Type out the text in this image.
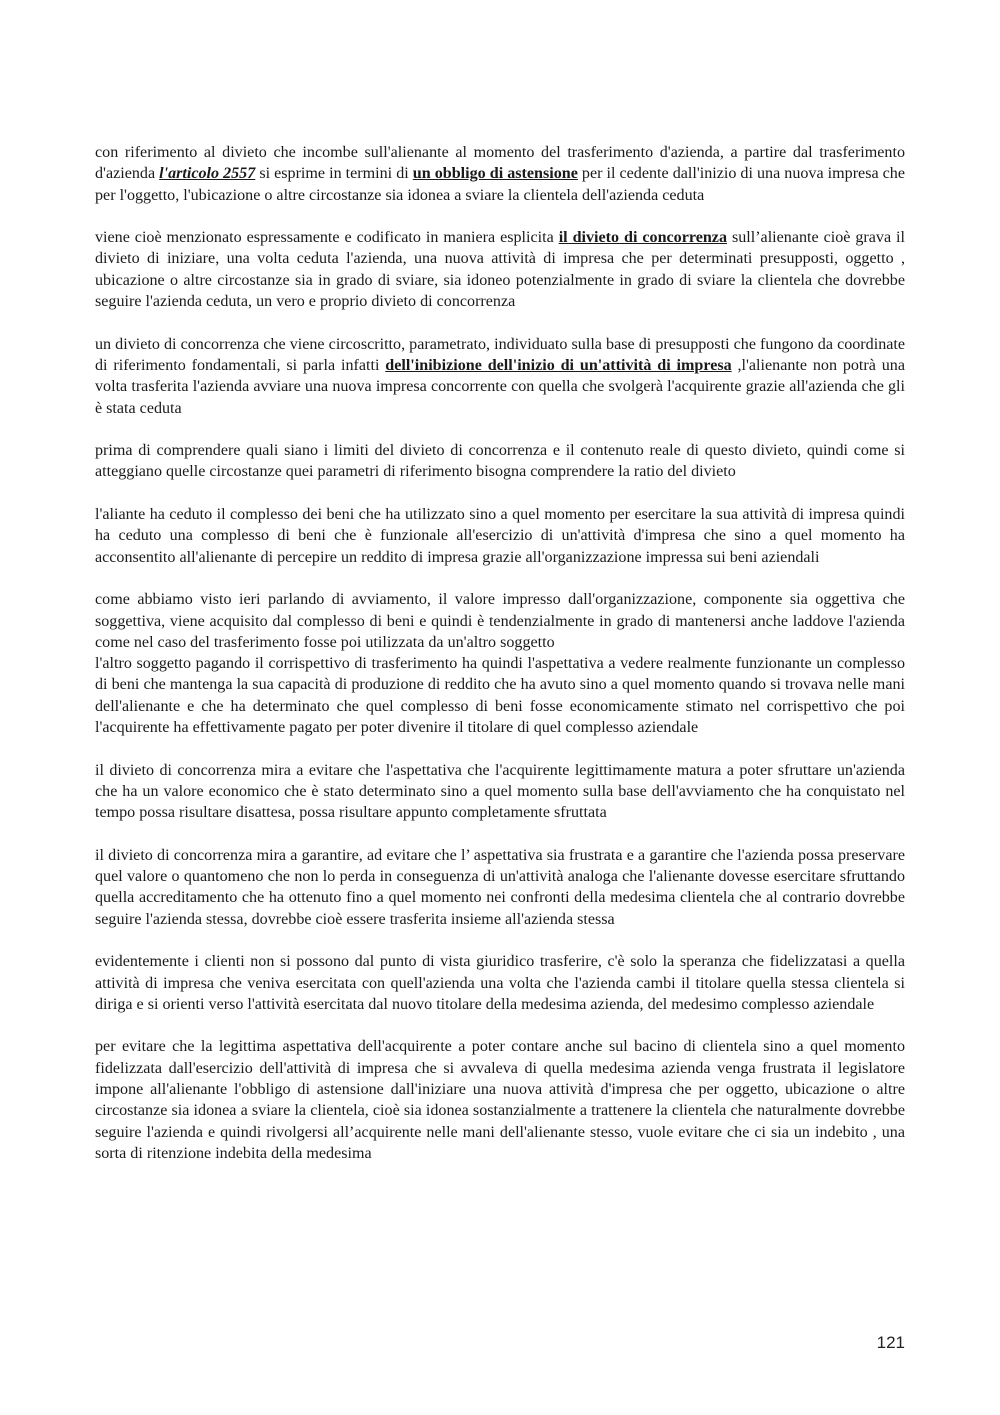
con riferimento al divieto che incombe sull'alienante al momento del trasferimento d'azienda, a partire dal trasferimento d'azienda l'articolo 2557 si esprime in termini di un obbligo di astensione per il cedente dall'inizio di una nuova impresa che per l'oggetto, l'ubicazione o altre circostanze sia idonea a sviare la clientela dell'azienda ceduta

viene cioè menzionato espressamente e codificato in maniera esplicita il divieto di concorrenza sull’alienante cioè grava il divieto di iniziare, una volta ceduta l'azienda, una nuova attività di impresa che per determinati presupposti, oggetto , ubicazione o altre circostanze sia in grado di sviare, sia idoneo potenzialmente in grado di sviare la clientela che dovrebbe seguire l'azienda ceduta, un vero e proprio divieto di concorrenza

un divieto di concorrenza che viene circoscritto, parametrato, individuato sulla base di presupposti che fungono da coordinate di riferimento fondamentali, si parla infatti dell'inibizione dell'inizio di un'attività di impresa ,l'alienante non potrà una volta trasferita l'azienda avviare una nuova impresa concorrente con quella che svolgerà l'acquirente grazie all'azienda che gli è stata ceduta

prima di comprendere quali siano i limiti del divieto di concorrenza e il contenuto reale di questo divieto, quindi come si atteggiano quelle circostanze quei parametri di riferimento bisogna comprendere la ratio del divieto

l'aliante ha ceduto il complesso dei beni che ha utilizzato sino a quel momento per esercitare la sua attività di impresa quindi ha ceduto una complesso di beni che è funzionale all'esercizio di un'attività d'impresa che sino a quel momento ha acconsentito all'alienante di percepire un reddito di impresa grazie all'organizzazione impressa sui beni aziendali

come abbiamo visto ieri parlando di avviamento, il valore impresso dall'organizzazione, componente sia oggettiva che soggettiva, viene acquisito dal complesso di beni e quindi è tendenzialmente in grado di mantenersi anche laddove l'azienda come nel caso del trasferimento fosse poi utilizzata da un'altro soggetto

l'altro soggetto pagando il corrispettivo di trasferimento ha quindi l'aspettativa a vedere realmente funzionante un complesso di beni che mantenga la sua capacità di produzione di reddito che ha avuto sino a quel momento quando si trovava nelle mani dell'alienante e che ha determinato che quel complesso di beni fosse economicamente stimato nel corrispettivo che poi l'acquirente ha effettivamente pagato per poter divenire il titolare di quel complesso aziendale

il divieto di concorrenza mira a evitare che l'aspettativa che l'acquirente legittimamente matura a poter sfruttare un'azienda che ha un valore economico che è stato determinato sino a quel momento sulla base dell'avviamento che ha conquistato nel tempo possa risultare disattesa, possa risultare appunto completamente sfruttata

il divieto di concorrenza mira a garantire, ad evitare che l’ aspettativa sia frustrata e a garantire che l'azienda possa preservare quel valore o quantomeno che non lo perda in conseguenza di un'attività analoga che l'alienante dovesse esercitare sfruttando quella accreditamento che ha ottenuto fino a quel momento nei confronti della medesima clientela che al contrario dovrebbe seguire l'azienda stessa, dovrebbe cioè essere trasferita insieme all'azienda stessa

evidentemente i clienti non si possono dal punto di vista giuridico trasferire, c'è solo la speranza che fidelizzatasi a quella attività di impresa che veniva esercitata con quell'azienda una volta che l'azienda cambi il titolare quella stessa clientela si diriga e si orienti verso l'attività esercitata dal nuovo titolare della medesima azienda, del medesimo complesso aziendale

per evitare che la legittima aspettativa dell'acquirente a poter contare anche sul bacino di clientela sino a quel momento fidelizzata dall'esercizio dell'attività di impresa che si avvaleva di quella medesima azienda venga frustrata il legislatore impone all'alienante l'obbligo di astensione dall'iniziare una nuova attività d'impresa che per oggetto, ubicazione o altre circostanze sia idonea a sviare la clientela, cioè sia idonea sostanzialmente a trattenere la clientela che naturalmente dovrebbe seguire l'azienda e quindi rivolgersi all’acquirente nelle mani dell'alienante stesso, vuole evitare che ci sia un indebito , una sorta di ritenzione indebita della medesima

121
